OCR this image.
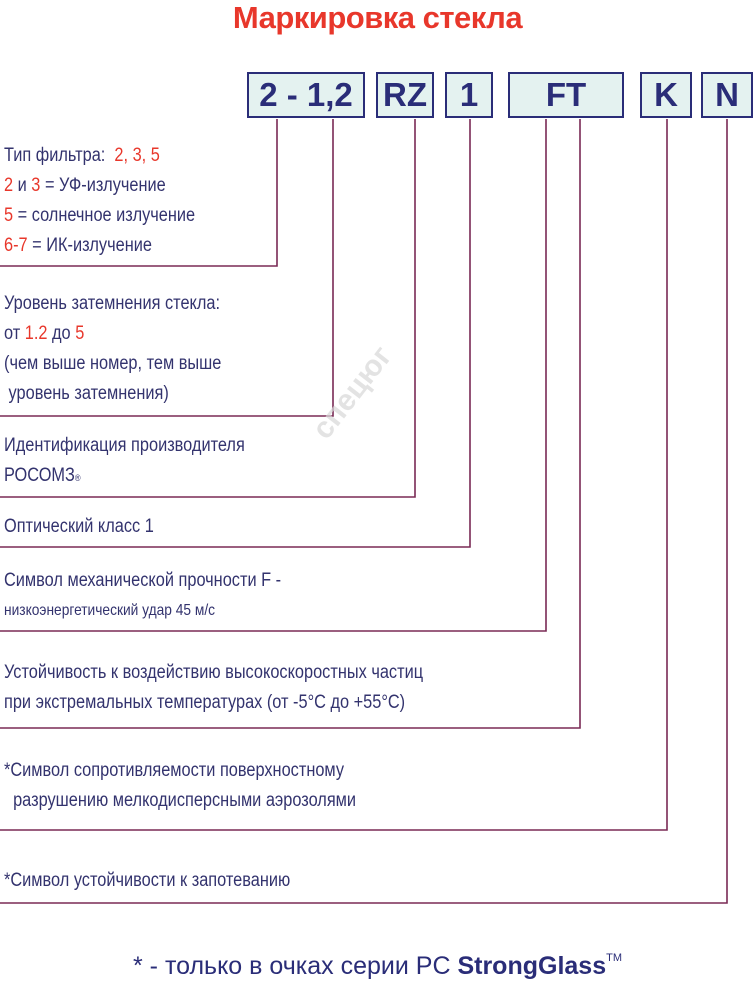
Маркировка стекла
2 - 1,2 RZ 1	FT	K	N
спецюг
Тип фильтра: 2, 3, 5
2 и 3 = УФ-излучение
5 = солнечное излучение
6-7 = ИК-излучение
Уровень затемнения стекла:
от 1.2 до 5
(чем выше номер, тем выше
уровень затемнения)
Идентификация производителя
РОСОМЗ®
Оптический класс 1
Символ механической прочности F -
низкоэнергетический удар 45 м/с
Устойчивость к воздействию высокоскоростных частиц
при экстремальных температурах (от -5°C до +55°C)
*Символ сопротивляемости поверхностному
разрушению мелкодисперсными аэрозолями
*Символ устойчивости к запотеванию
* - только в очках серии PC StrongGlass™
